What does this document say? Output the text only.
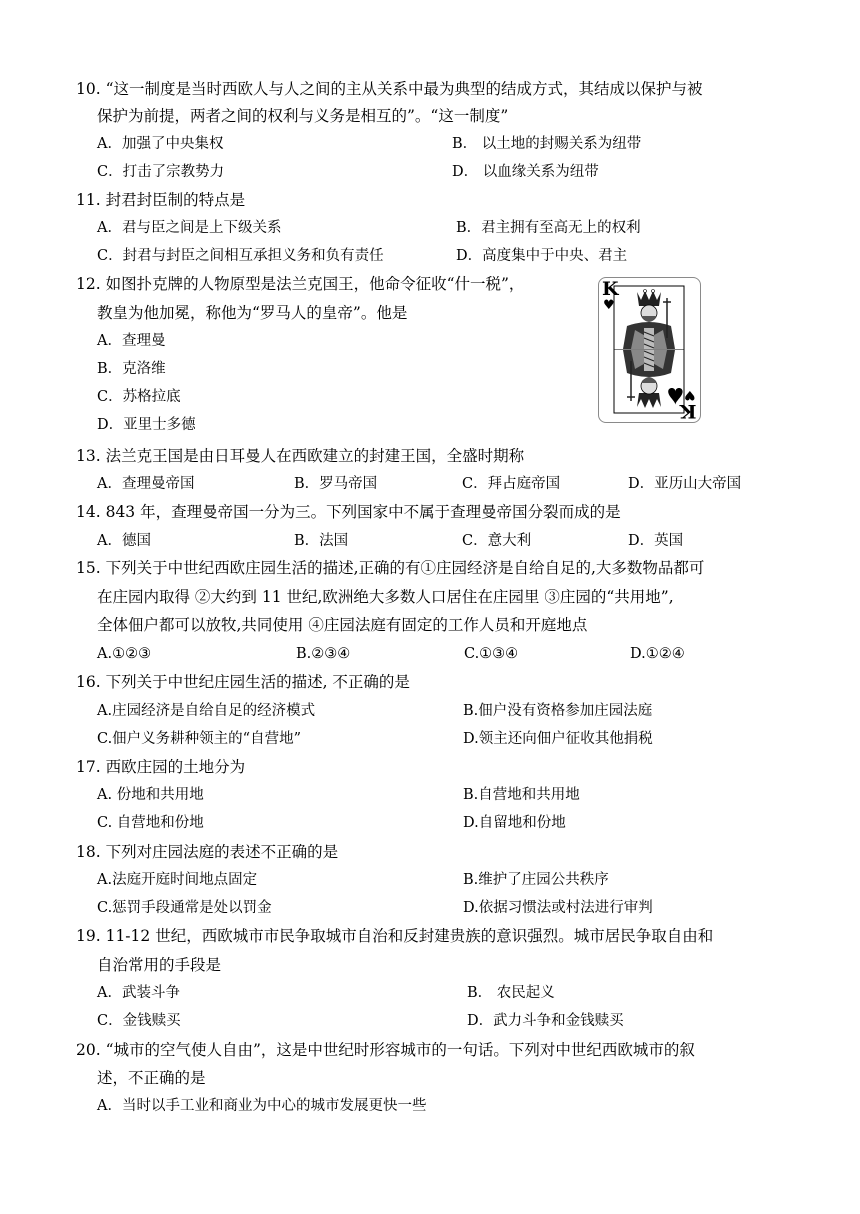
10. “这一制度是当时西欧人与人之间的主从关系中最为典型的结成方式，其结成以保护与被
保护为前提，两者之间的权利与义务是相互的”。“这一制度”
A．加强了中央集权	B． 以土地的封赐关系为纽带
C．打击了宗教势力	D． 以血缘关系为纽带
11. 封君封臣制的特点是
A．君与臣之间是上下级关系	B．君主拥有至高无上的权利
C．封君与封臣之间相互承担义务和负有责任	D．高度集中于中央、君主
12. 如图扑克牌的人物原型是法兰克国王，他命令征收“什一税”，
教皇为他加冕，称他为“罗马人的皇帝”。他是
A．查理曼
B．克洛维
C．苏格拉底
D．亚里士多德
K
♥
K
♥
13. 法兰克王国是由日耳曼人在西欧建立的封建王国，全盛时期称
A．查理曼帝国	B．罗马帝国	C．拜占庭帝国	D．亚历山大帝国
14. 843 年，查理曼帝国一分为三。下列国家中不属于查理曼帝国分裂而成的是
A．德国	B．法国	C．意大利	D．英国
15. 下列关于中世纪西欧庄园生活的描述,正确的有①庄园经济是自给自足的,大多数物品都可
在庄园内取得 ②大约到 11 世纪,欧洲绝大多数人口居住在庄园里 ③庄园的“共用地”,
全体佃户都可以放牧,共同使用 ④庄园法庭有固定的工作人员和开庭地点
A.①②③	B.②③④	C.①③④	D.①②④
16. 下列关于中世纪庄园生活的描述, 不正确的是
A.庄园经济是自给自足的经济模式	B.佃户没有资格参加庄园法庭
C.佃户义务耕种领主的“自营地”	D.领主还向佃户征收其他捐税
17. 西欧庄园的土地分为
A. 份地和共用地	B.自营地和共用地
C. 自营地和份地	D.自留地和份地
18. 下列对庄园法庭的表述不正确的是
A.法庭开庭时间地点固定	B.维护了庄园公共秩序
C.惩罚手段通常是处以罚金	D.依据习惯法或村法进行审判
19. 11-12 世纪，西欧城市市民争取城市自治和反封建贵族的意识强烈。城市居民争取自由和
自治常用的手段是
A．武装斗争	B． 农民起义
C．金钱赎买	D．武力斗争和金钱赎买
20. “城市的空气使人自由”，这是中世纪时形容城市的一句话。下列对中世纪西欧城市的叙
述，不正确的是
A．当时以手工业和商业为中心的城市发展更快一些
